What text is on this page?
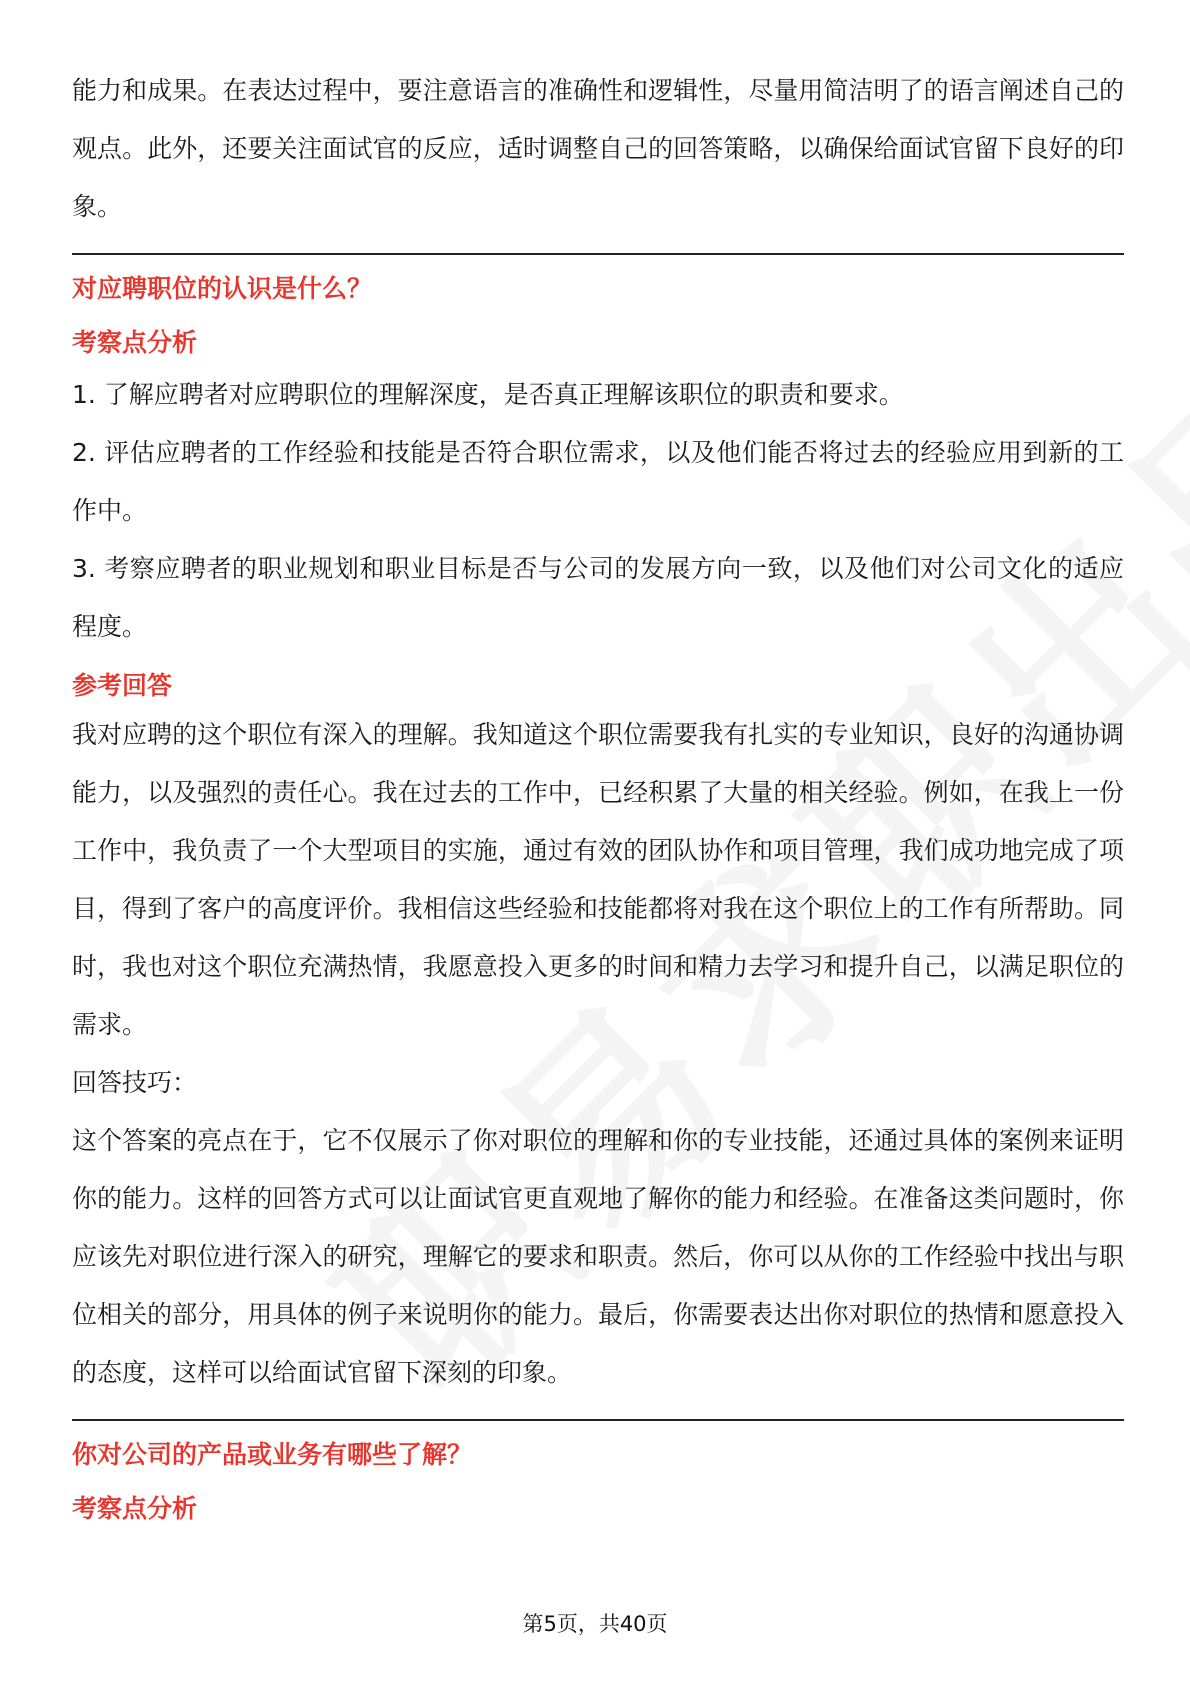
能力和成果。在表达过程中，要注意语言的准确性和逻辑性，尽量用简洁明了的语言阐述自己的观点。此外，还要关注面试官的反应，适时调整自己的回答策略，以确保给面试官留下良好的印象。

对应聘职位的认识是什么？

考察点分析

1. 了解应聘者对应聘职位的理解深度，是否真正理解该职位的职责和要求。

2. 评估应聘者的工作经验和技能是否符合职位需求，以及他们能否将过去的经验应用到新的工作中。

3. 考察应聘者的职业规划和职业目标是否与公司的发展方向一致，以及他们对公司文化的适应程度。

参考回答

我对应聘的这个职位有深入的理解。我知道这个职位需要我有扎实的专业知识，良好的沟通协调能力，以及强烈的责任心。我在过去的工作中，已经积累了大量的相关经验。例如，在我上一份工作中，我负责了一个大型项目的实施，通过有效的团队协作和项目管理，我们成功地完成了项目，得到了客户的高度评价。我相信这些经验和技能都将对我在这个职位上的工作有所帮助。同时，我也对这个职位充满热情，我愿意投入更多的时间和精力去学习和提升自己，以满足职位的需求。

回答技巧：

这个答案的亮点在于，它不仅展示了你对职位的理解和你的专业技能，还通过具体的案例来证明你的能力。这样的回答方式可以让面试官更直观地了解你的能力和经验。在准备这类问题时，你应该先对职位进行深入的研究，理解它的要求和职责。然后，你可以从你的工作经验中找出与职位相关的部分，用具体的例子来说明你的能力。最后，你需要表达出你对职位的热情和愿意投入的态度，这样可以给面试官留下深刻的印象。

你对公司的产品或业务有哪些了解？

考察点分析

第5页，共40页
